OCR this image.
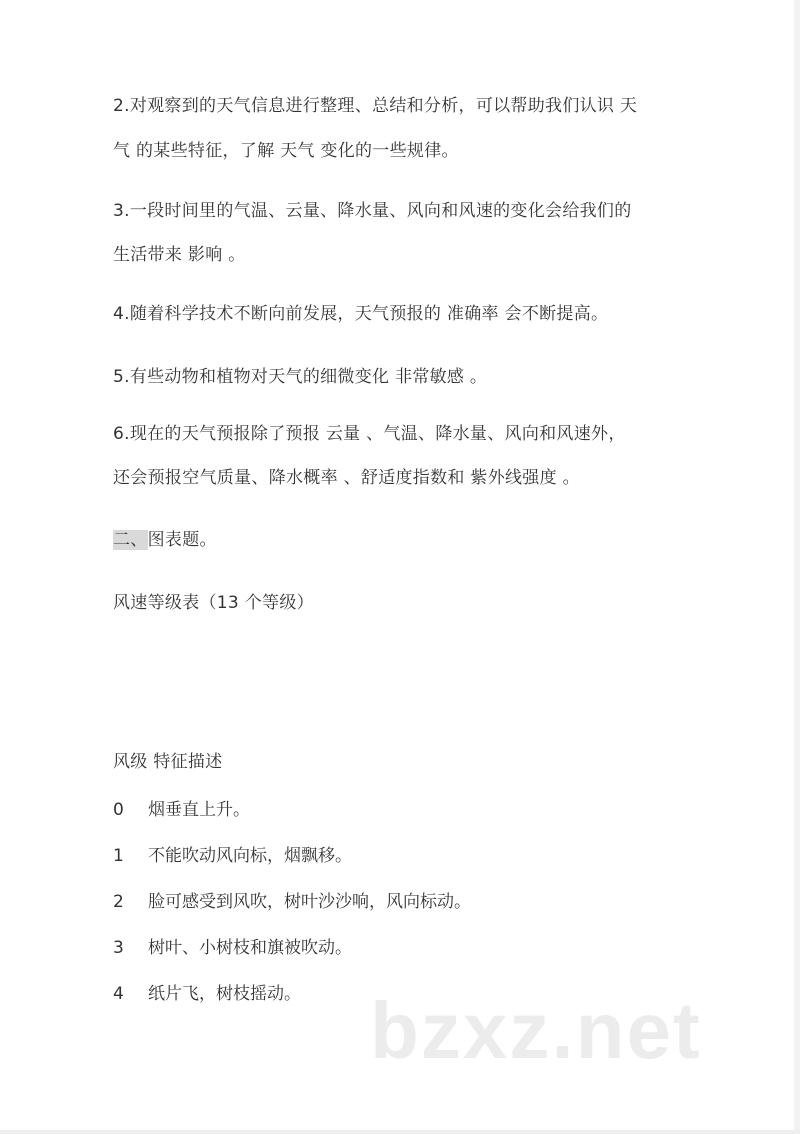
2.对观察到的天气信息进行整理、总结和分析，可以帮助我们认识 天
气 的某些特征，了解 天气 变化的一些规律。
3.一段时间里的气温、云量、降水量、风向和风速的变化会给我们的
生活带来 影响 。
4.随着科学技术不断向前发展，天气预报的 准确率 会不断提高。
5.有些动物和植物对天气的细微变化 非常敏感 。
6.现在的天气预报除了预报 云量 、气温、降水量、风向和风速外，
还会预报空气质量、降水概率 、舒适度指数和 紫外线强度 。
二、图表题。
风速等级表（13 个等级）
风级 特征描述
0 烟垂直上升。
1 不能吹动风向标，烟飘移。
2 脸可感受到风吹，树叶沙沙响，风向标动。
3 树叶、小树枝和旗被吹动。
4 纸片飞，树枝摇动。 bzxz.net
